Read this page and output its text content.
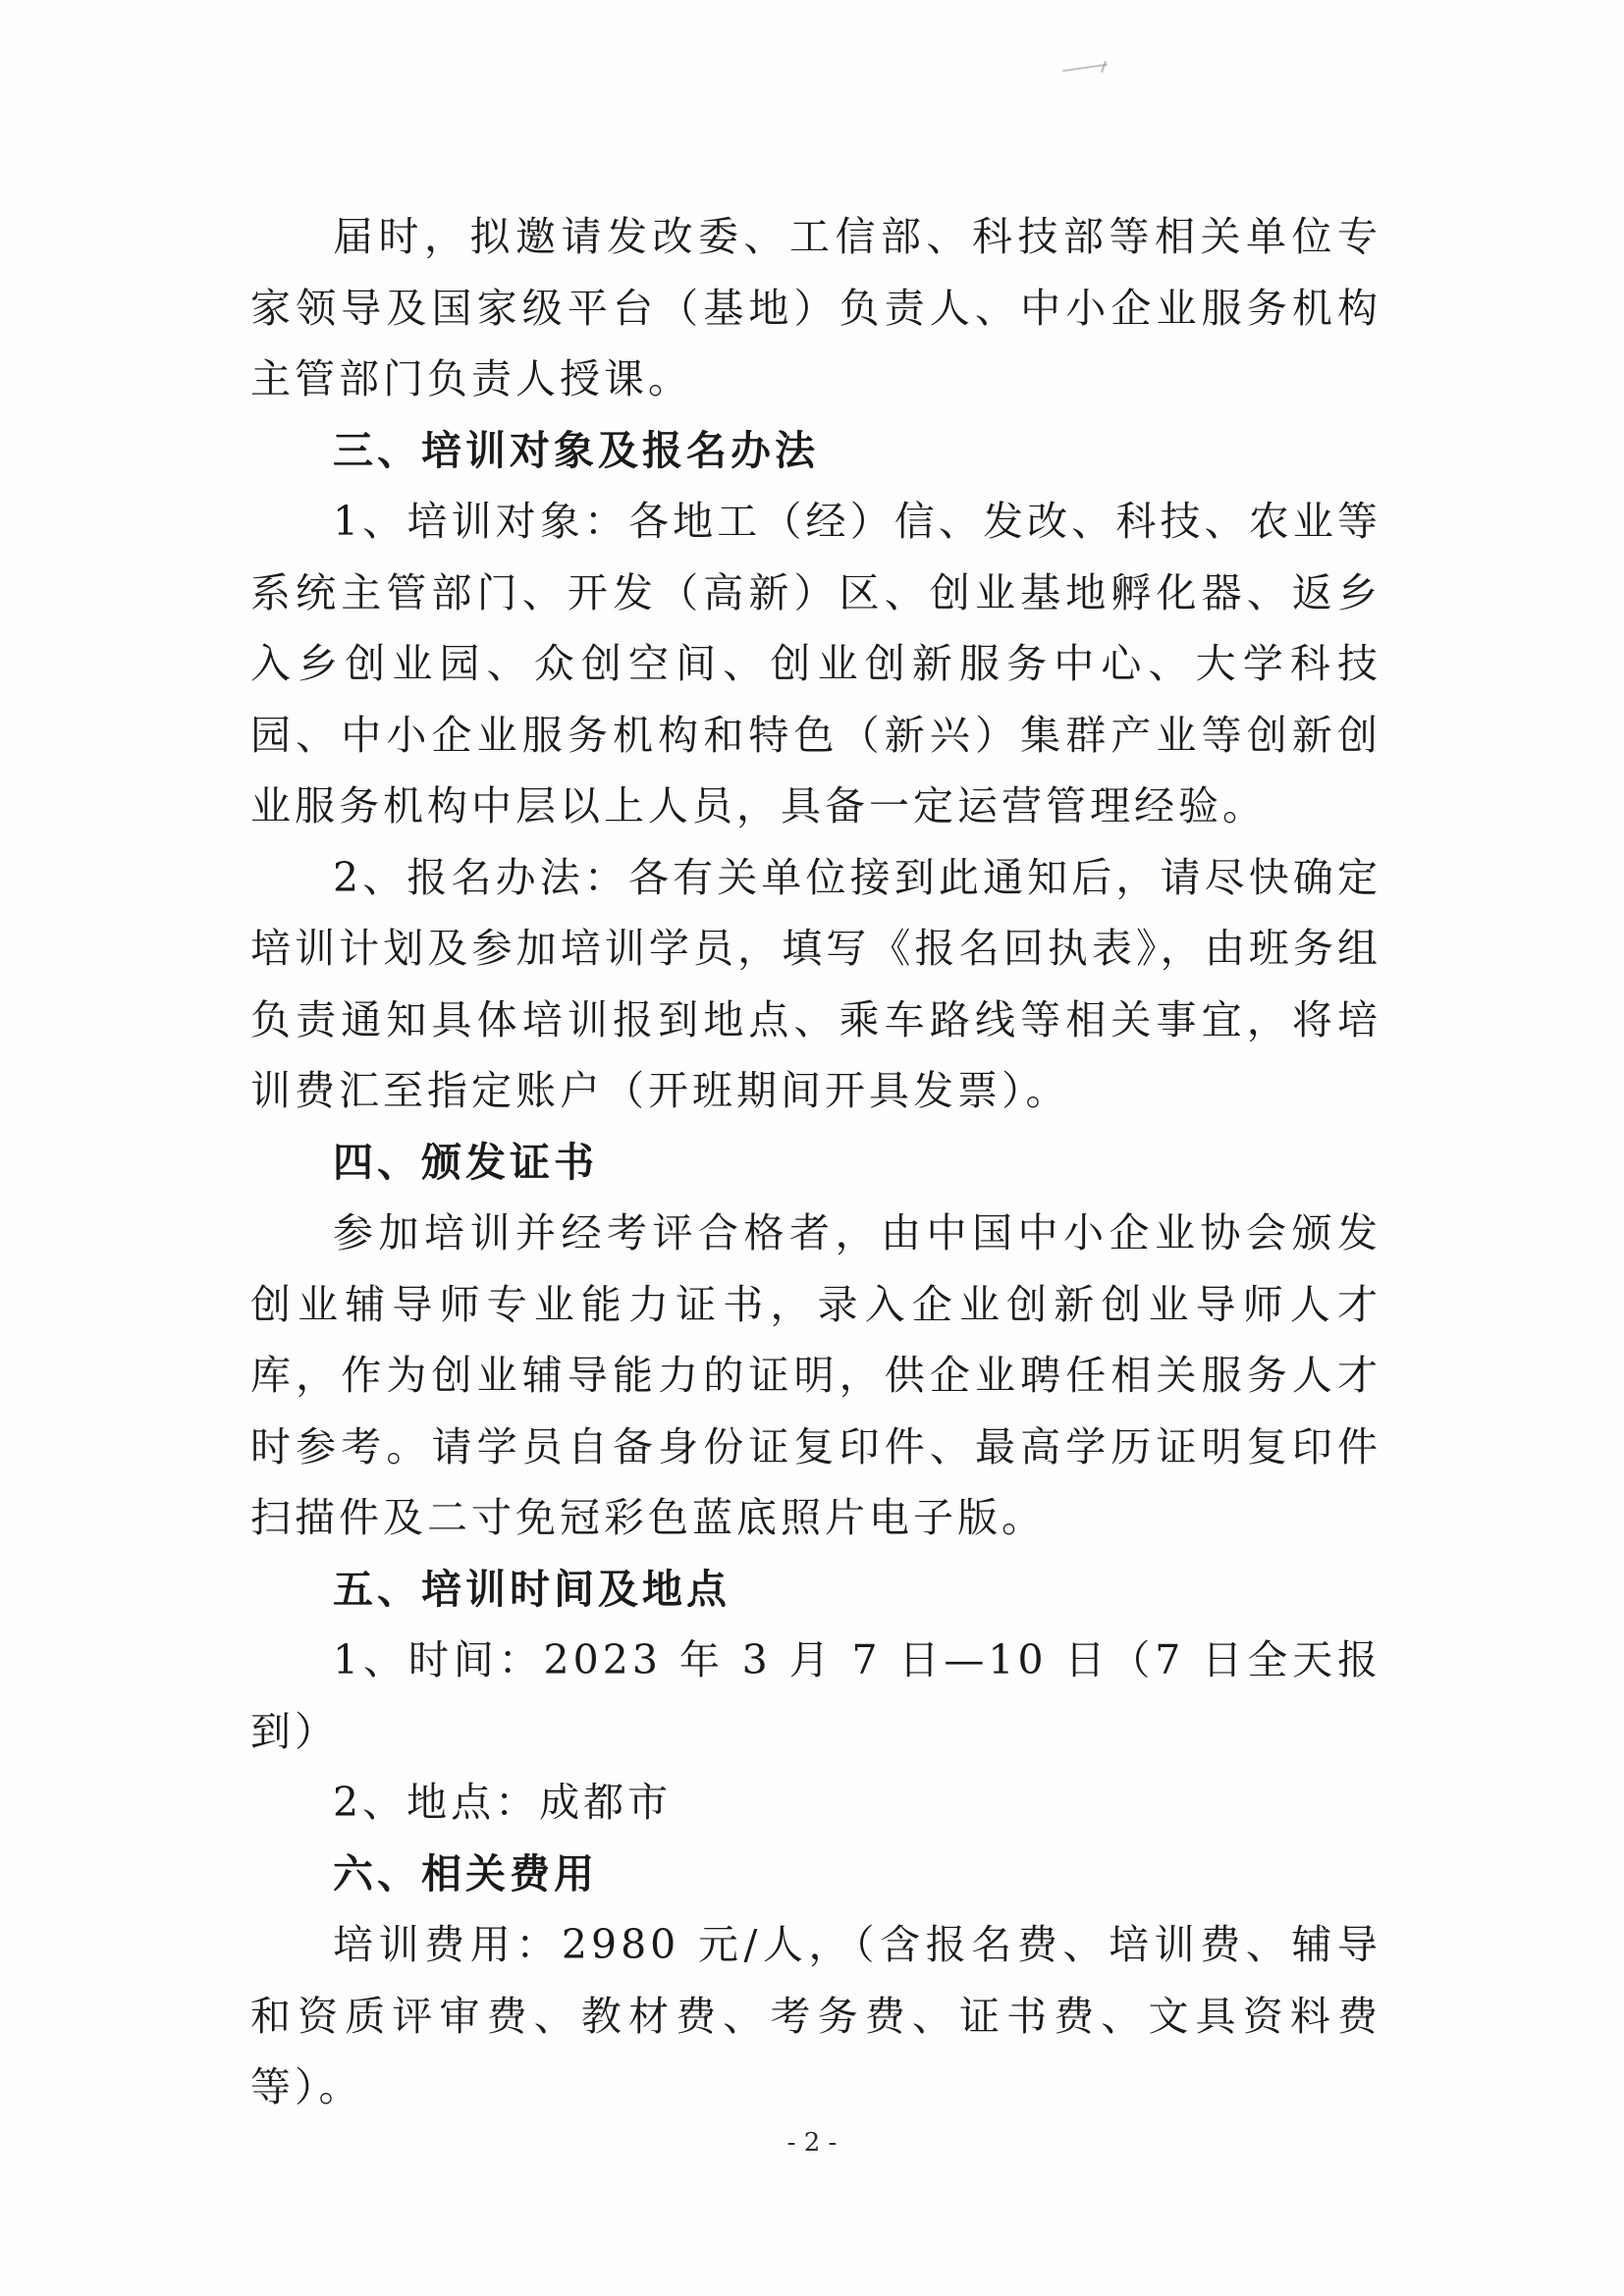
届时，拟邀请发改委、工信部、科技部等相关单位专家领导及国家级平台（基地）负责人、中小企业服务机构主管部门负责人授课。

三、培训对象及报名办法

1、培训对象：各地工（经）信、发改、科技、农业等系统主管部门、开发（高新）区、创业基地孵化器、返乡入乡创业园、众创空间、创业创新服务中心、大学科技园、中小企业服务机构和特色（新兴）集群产业等创新创业服务机构中层以上人员，具备一定运营管理经验。

2、报名办法：各有关单位接到此通知后，请尽快确定培训计划及参加培训学员，填写《报名回执表》，由班务组负责通知具体培训报到地点、乘车路线等相关事宜，将培训费汇至指定账户（开班期间开具发票）。

四、颁发证书

参加培训并经考评合格者，由中国中小企业协会颁发创业辅导师专业能力证书，录入企业创新创业导师人才库，作为创业辅导能力的证明，供企业聘任相关服务人才时参考。请学员自备身份证复印件、最高学历证明复印件扫描件及二寸免冠彩色蓝底照片电子版。

五、培训时间及地点

1、时间：2023 年 3 月 7 日—10 日（7 日全天报到）

2、地点：成都市

六、相关费用

培训费用：2980 元/人，（含报名费、培训费、辅导和资质评审费、教材费、考务费、证书费、文具资料费等）。

- 2 -
